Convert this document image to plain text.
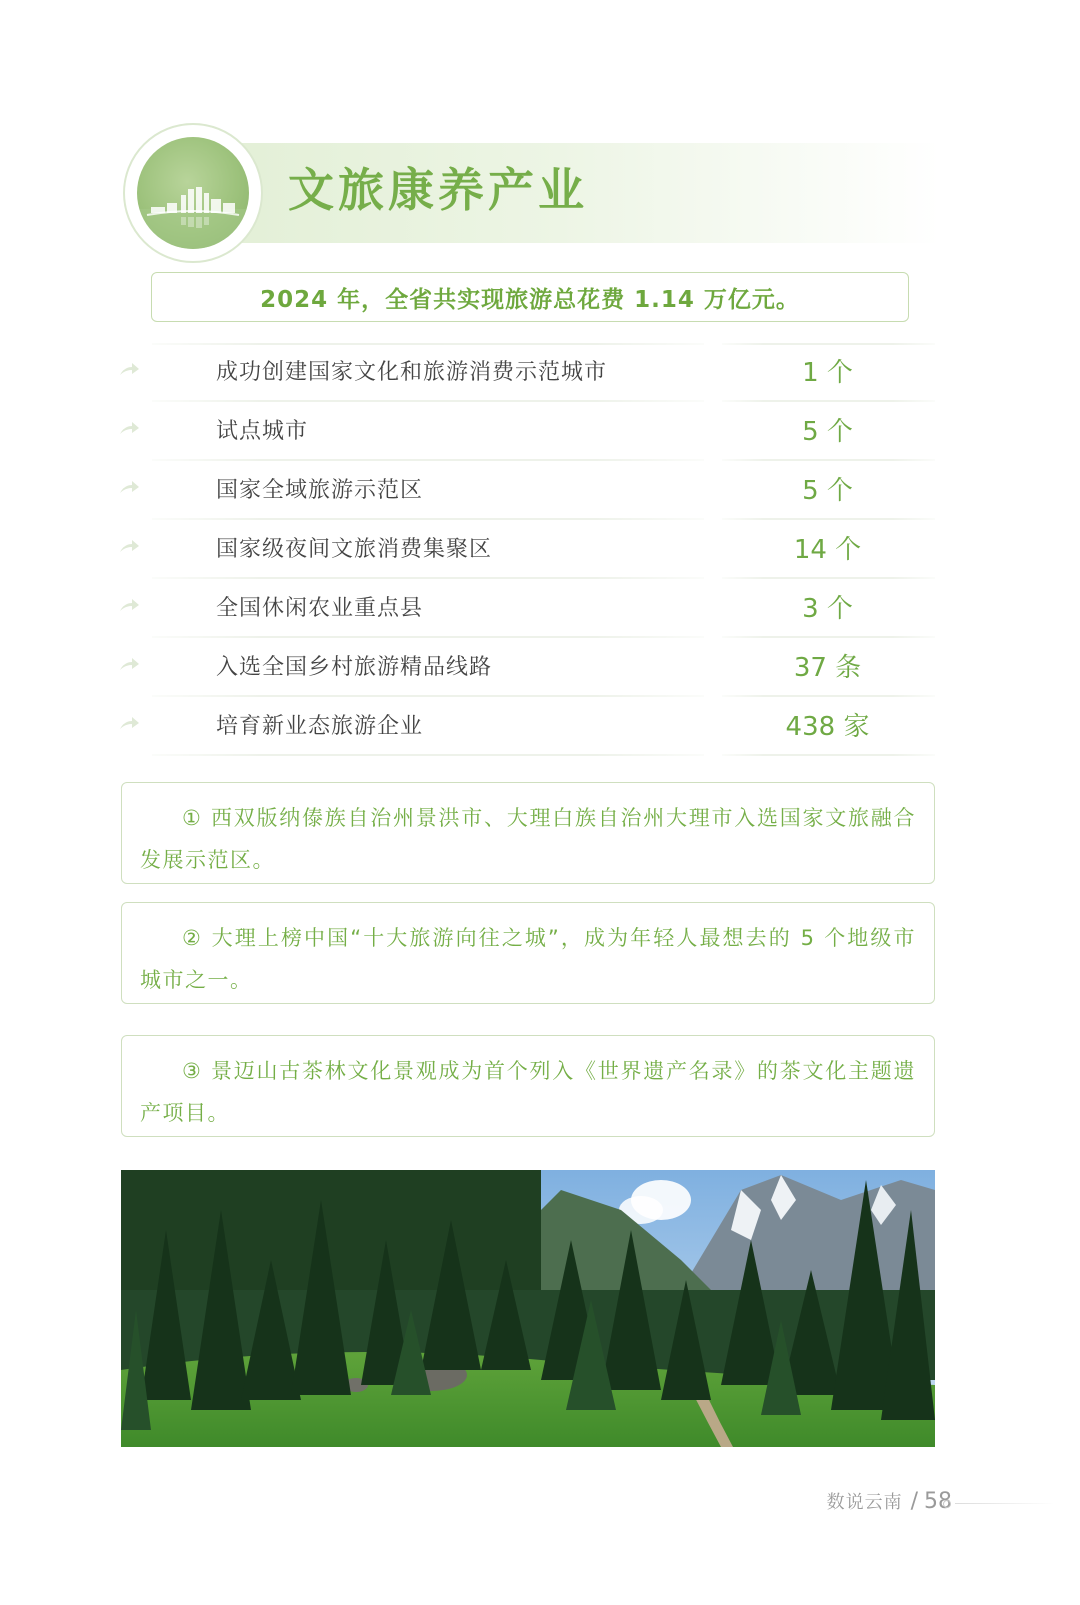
文旅康养产业
2024 年，全省共实现旅游总花费 1.14 万亿元。
成功创建国家文化和旅游消费示范城市	1 个
试点城市	5 个
国家全域旅游示范区	5 个
国家级夜间文旅消费集聚区	14 个
全国休闲农业重点县	3 个
入选全国乡村旅游精品线路	37 条
培育新业态旅游企业	438 家
① 西双版纳傣族自治州景洪市、大理白族自治州大理市入选国家文旅融合发展示范区。
② 大理上榜中国“十大旅游向往之城”，成为年轻人最想去的 5 个地级市城市之一。
③ 景迈山古茶林文化景观成为首个列入《世界遗产名录》的茶文化主题遗产项目。
数说云南 / 58
